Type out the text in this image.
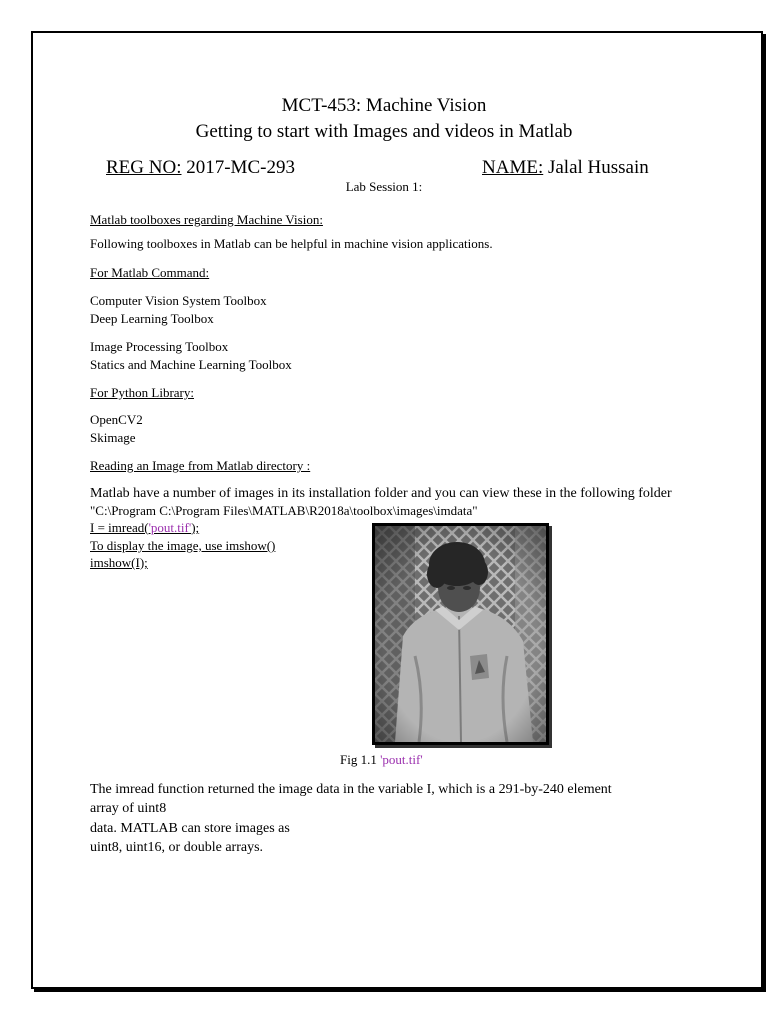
MCT-453: Machine Vision
Getting to start with Images and videos in Matlab
REG NO: 2017-MC-293	NAME: Jalal Hussain
Lab Session 1:
Matlab toolboxes regarding Machine Vision:
Following toolboxes in Matlab can be helpful in machine vision applications.
For Matlab Command:
Computer Vision System Toolbox
Deep Learning Toolbox
Image Processing Toolbox
Statics and Machine Learning Toolbox
For Python Library:
OpenCV2
Skimage
Reading an Image from Matlab directory :
Matlab have a number of images in its installation folder and you can view these in the following folder
"C:\Program C:\Program Files\MATLAB\R2018a\toolbox\images\imdata"
I = imread('pout.tif');
To display the image, use imshow()
imshow(I);
Fig 1.1 'pout.tif'
The imread function returned the image data in the variable I, which is a 291-by-240 element
array of uint8
data. MATLAB can store images as
uint8, uint16, or double arrays.
